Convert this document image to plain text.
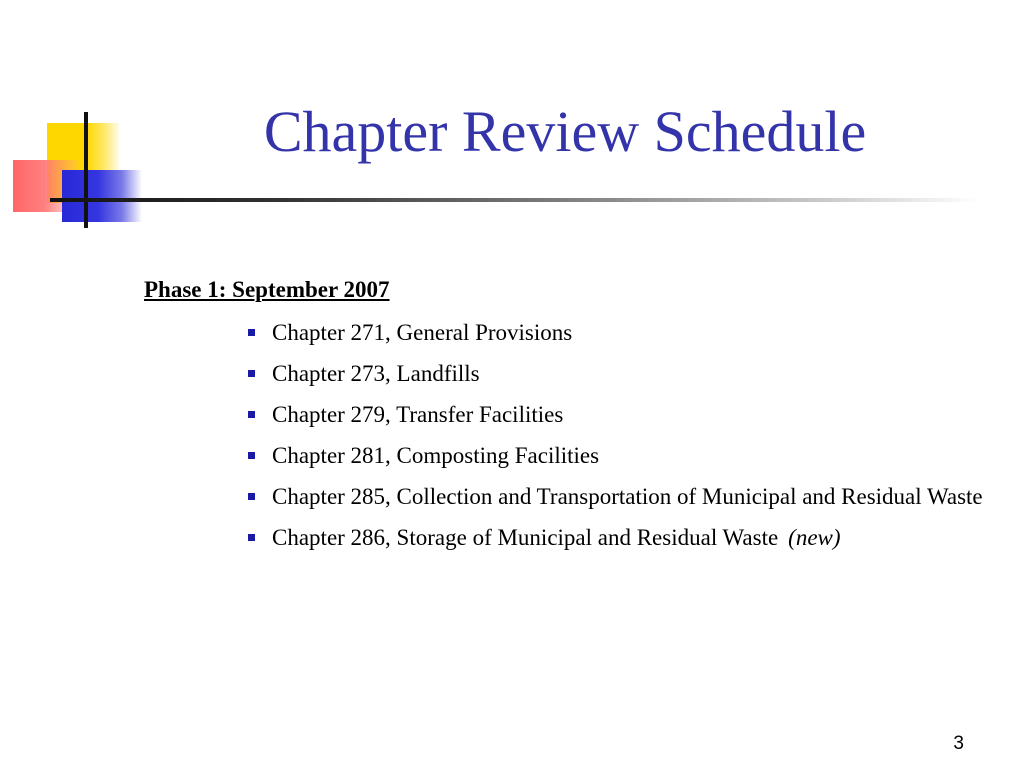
Chapter Review Schedule

Phase 1: September 2007

Chapter 271, General Provisions
Chapter 273, Landfills
Chapter 279, Transfer Facilities
Chapter 281, Composting Facilities
Chapter 285, Collection and Transportation of Municipal and Residual Waste
Chapter 286, Storage of Municipal and Residual Waste (new)
3
